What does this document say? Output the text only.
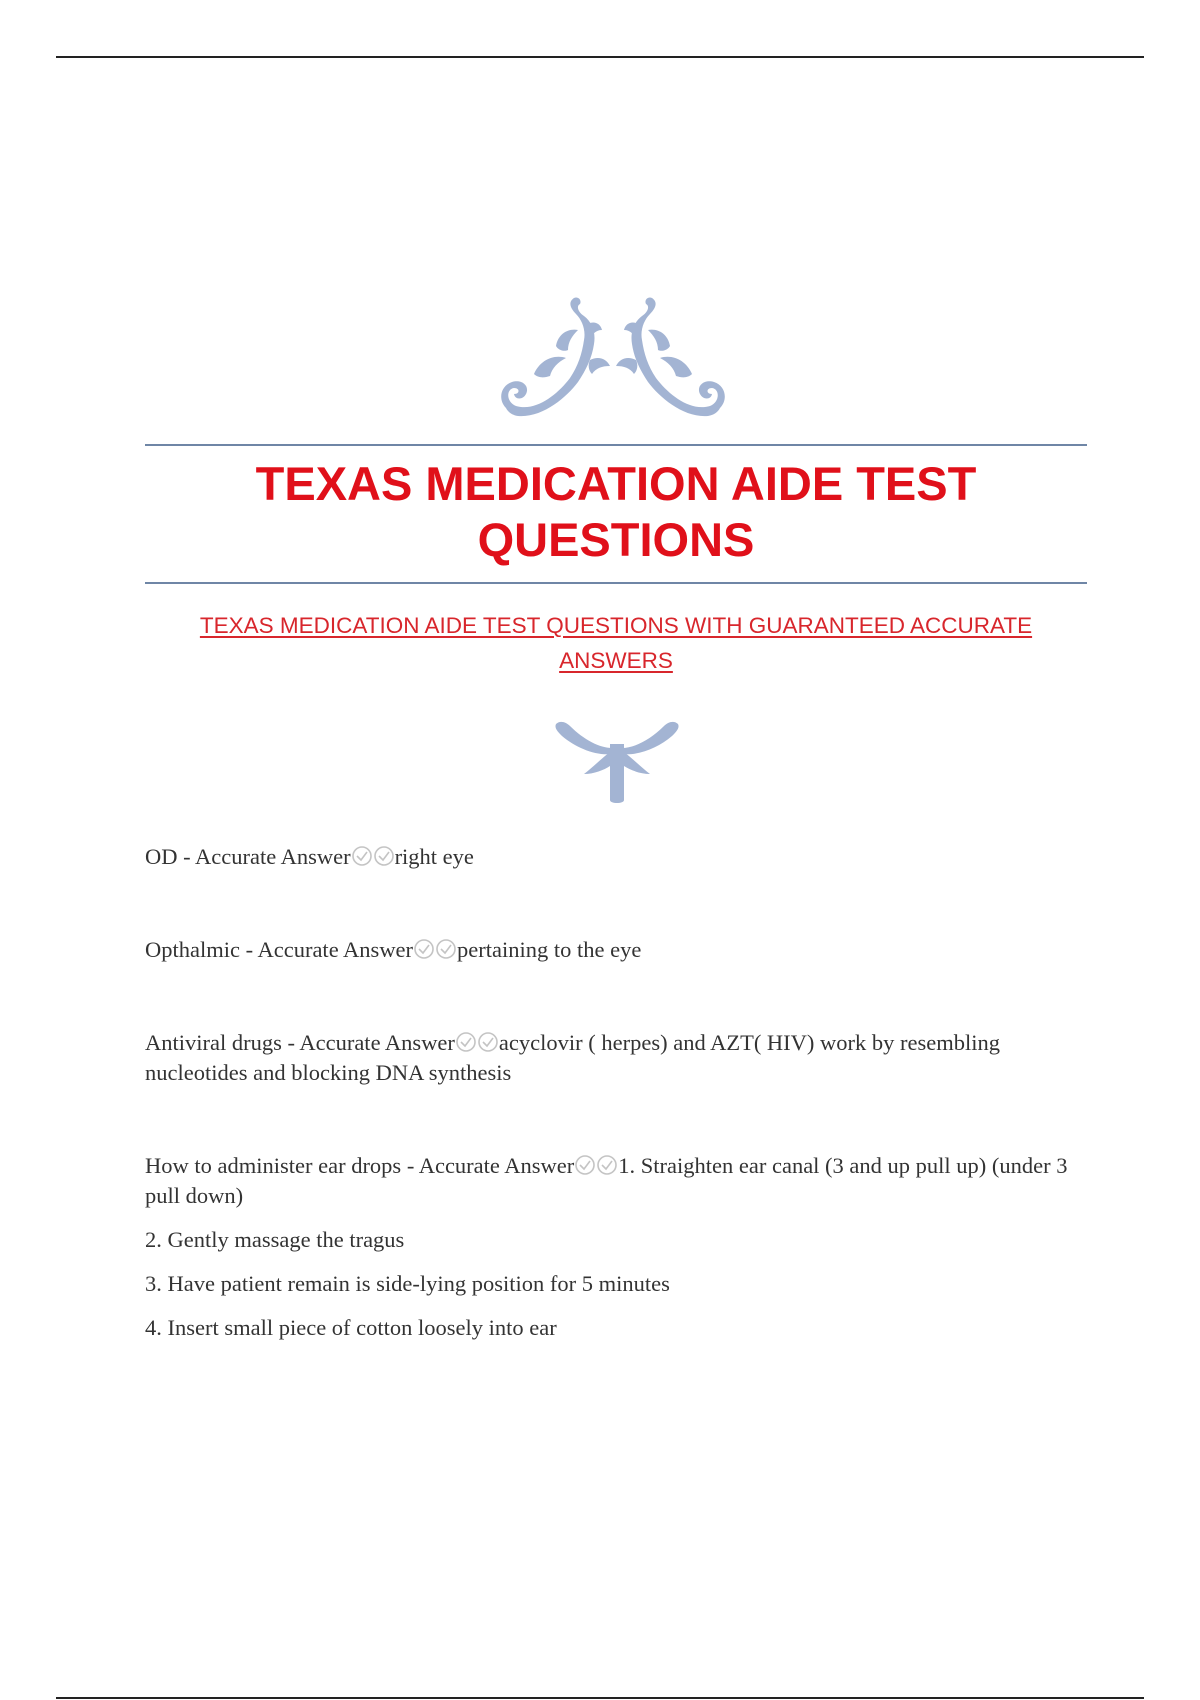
TEXAS MEDICATION AIDE TEST QUESTIONS

TEXAS MEDICATION AIDE TEST QUESTIONS WITH GUARANTEED ACCURATE ANSWERS

OD - Accurate Answer right eye

Opthalmic - Accurate Answer pertaining to the eye

Antiviral drugs - Accurate Answer acyclovir ( herpes) and AZT( HIV) work by resembling nucleotides and blocking DNA synthesis

How to administer ear drops - Accurate Answer 1. Straighten ear canal (3 and up pull up) (under 3 pull down)

2. Gently massage the tragus

3. Have patient remain is side-lying position for 5 minutes

4. Insert small piece of cotton loosely into ear
